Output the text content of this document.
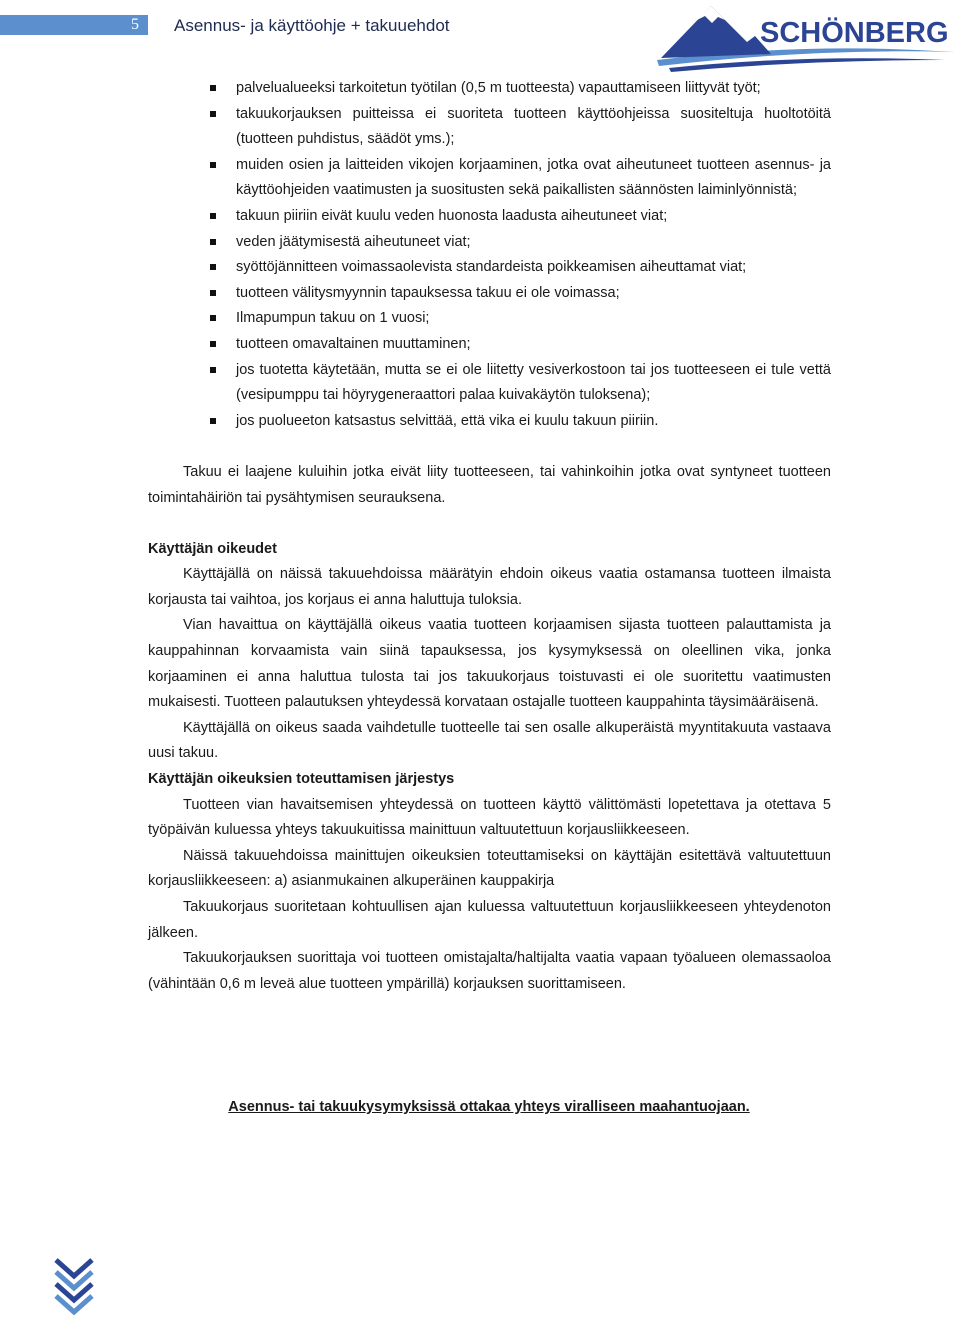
5	Asennus- ja käyttöohje + takuuehdot	SCHÖNBERG
palvelualueeksi tarkoitetun työtilan (0,5 m tuotteesta) vapauttamiseen liittyvät työt;
takuukorjauksen puitteissa ei suoriteta tuotteen käyttöohjeissa suositeltuja huoltotöitä (tuotteen puhdistus, säädöt yms.);
muiden osien ja laitteiden vikojen korjaaminen, jotka ovat aiheutuneet tuotteen asennus- ja käyttöohjeiden vaatimusten ja suositusten sekä paikallisten säännösten laiminlyönnistä;
takuun piiriin eivät kuulu veden huonosta laadusta aiheutuneet viat;
veden jäätymisestä aiheutuneet viat;
syöttöjännitteen voimassaolevista standardeista poikkeamisen aiheuttamat viat;
tuotteen välitysmyynnin tapauksessa takuu ei ole voimassa;
Ilmapumpun takuu on 1 vuosi;
tuotteen omavaltainen muuttaminen;
jos tuotetta käytetään, mutta se ei ole liitetty vesiverkostoon tai jos tuotteeseen ei tule vettä (vesipumppu tai höyrygeneraattori palaa kuivakäytön tuloksena);
jos puolueeton katsastus selvittää, että vika ei kuulu takuun piiriin.

Takuu ei laajene kuluihin jotka eivät liity tuotteeseen, tai vahinkoihin jotka ovat syntyneet tuotteen toimintahäiriön tai pysähtymisen seurauksena.

Käyttäjän oikeudet

Käyttäjällä on näissä takuuehdoissa määrätyin ehdoin oikeus vaatia ostamansa tuotteen ilmaista korjausta tai vaihtoa, jos korjaus ei anna haluttuja tuloksia.

Vian havaittua on käyttäjällä oikeus vaatia tuotteen korjaamisen sijasta tuotteen palauttamista ja kauppahinnan korvaamista vain siinä tapauksessa, jos kysymyksessä on oleellinen vika, jonka korjaaminen ei anna haluttua tulosta tai jos takuukorjaus toistuvasti ei ole suoritettu vaatimusten mukaisesti. Tuotteen palautuksen yhteydessä korvataan ostajalle tuotteen kauppahinta täysimääräisenä.

Käyttäjällä on oikeus saada vaihdetulle tuotteelle tai sen osalle alkuperäistä myyntitakuuta vastaava uusi takuu.

Käyttäjän oikeuksien toteuttamisen järjestys

Tuotteen vian havaitsemisen yhteydessä on tuotteen käyttö välittömästi lopetettava ja otettava 5 työpäivän kuluessa yhteys takuukuitissa mainittuun valtuutettuun korjausliikkeeseen.

Näissä takuuehdoissa mainittujen oikeuksien toteuttamiseksi on käyttäjän esitettävä valtuutettuun korjausliikkeeseen: a) asianmukainen alkuperäinen kauppakirja

Takuukorjaus suoritetaan kohtuullisen ajan kuluessa valtuutettuun korjausliikkeeseen yhteydenoton jälkeen.

Takuukorjauksen suorittaja voi tuotteen omistajalta/haltijalta vaatia vapaan työalueen olemassaoloa (vähintään 0,6 m leveä alue tuotteen ympärillä) korjauksen suorittamiseen.

Asennus- tai takuukysymyksissä ottakaa yhteys viralliseen maahantuojaan.
